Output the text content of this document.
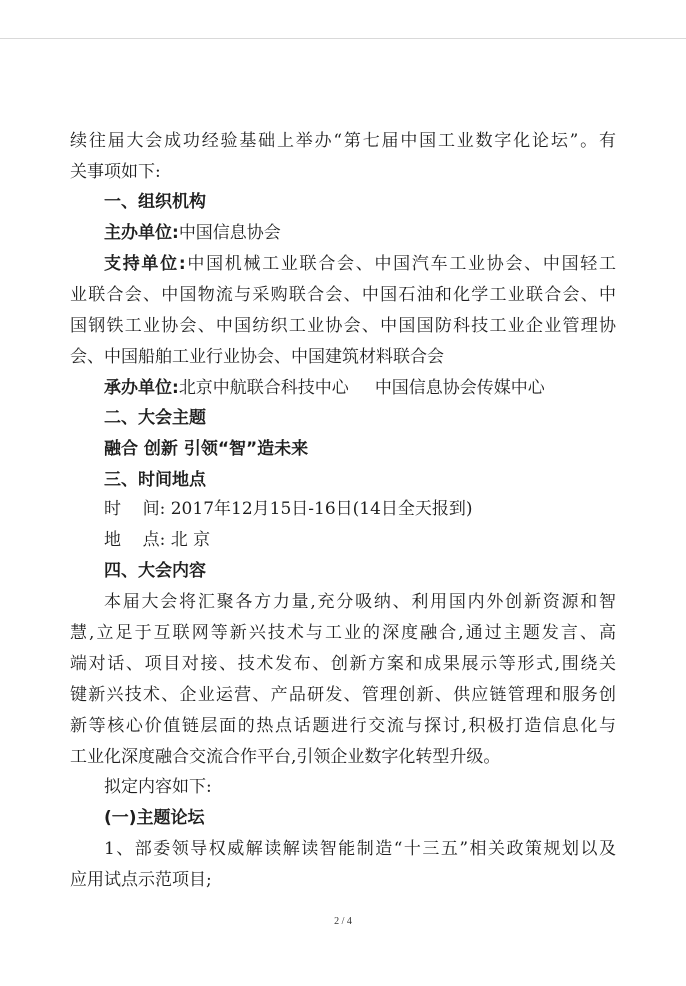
续往届大会成功经验基础上举办“第七届中国工业数字化论坛”。有
关事项如下:
一、组织机构
主办单位:中国信息协会
支持单位:中国机械工业联合会、中国汽车工业协会、中国轻工
业联合会、中国物流与采购联合会、中国石油和化学工业联合会、中
国钢铁工业协会、中国纺织工业协会、中国国防科技工业企业管理协
会、中国船舶工业行业协会、中国建筑材料联合会
承办单位:北京中航联合科技中心 中国信息协会传媒中心
二、大会主题
融合 创新 引领“智”造未来
三、时间地点
时    间: 2017年12月15日-16日(14日全天报到)
地    点: 北 京
四、大会内容
本届大会将汇聚各方力量,充分吸纳、利用国内外创新资源和智
慧,立足于互联网等新兴技术与工业的深度融合,通过主题发言、高
端对话、项目对接、技术发布、创新方案和成果展示等形式,围绕关
键新兴技术、企业运营、产品研发、管理创新、供应链管理和服务创
新等核心价值链层面的热点话题进行交流与探讨,积极打造信息化与
工业化深度融合交流合作平台,引领企业数字化转型升级。
拟定内容如下:
(一)主题论坛
1、部委领导权威解读解读智能制造“十三五”相关政策规划以及
应用试点示范项目;
2 / 4
